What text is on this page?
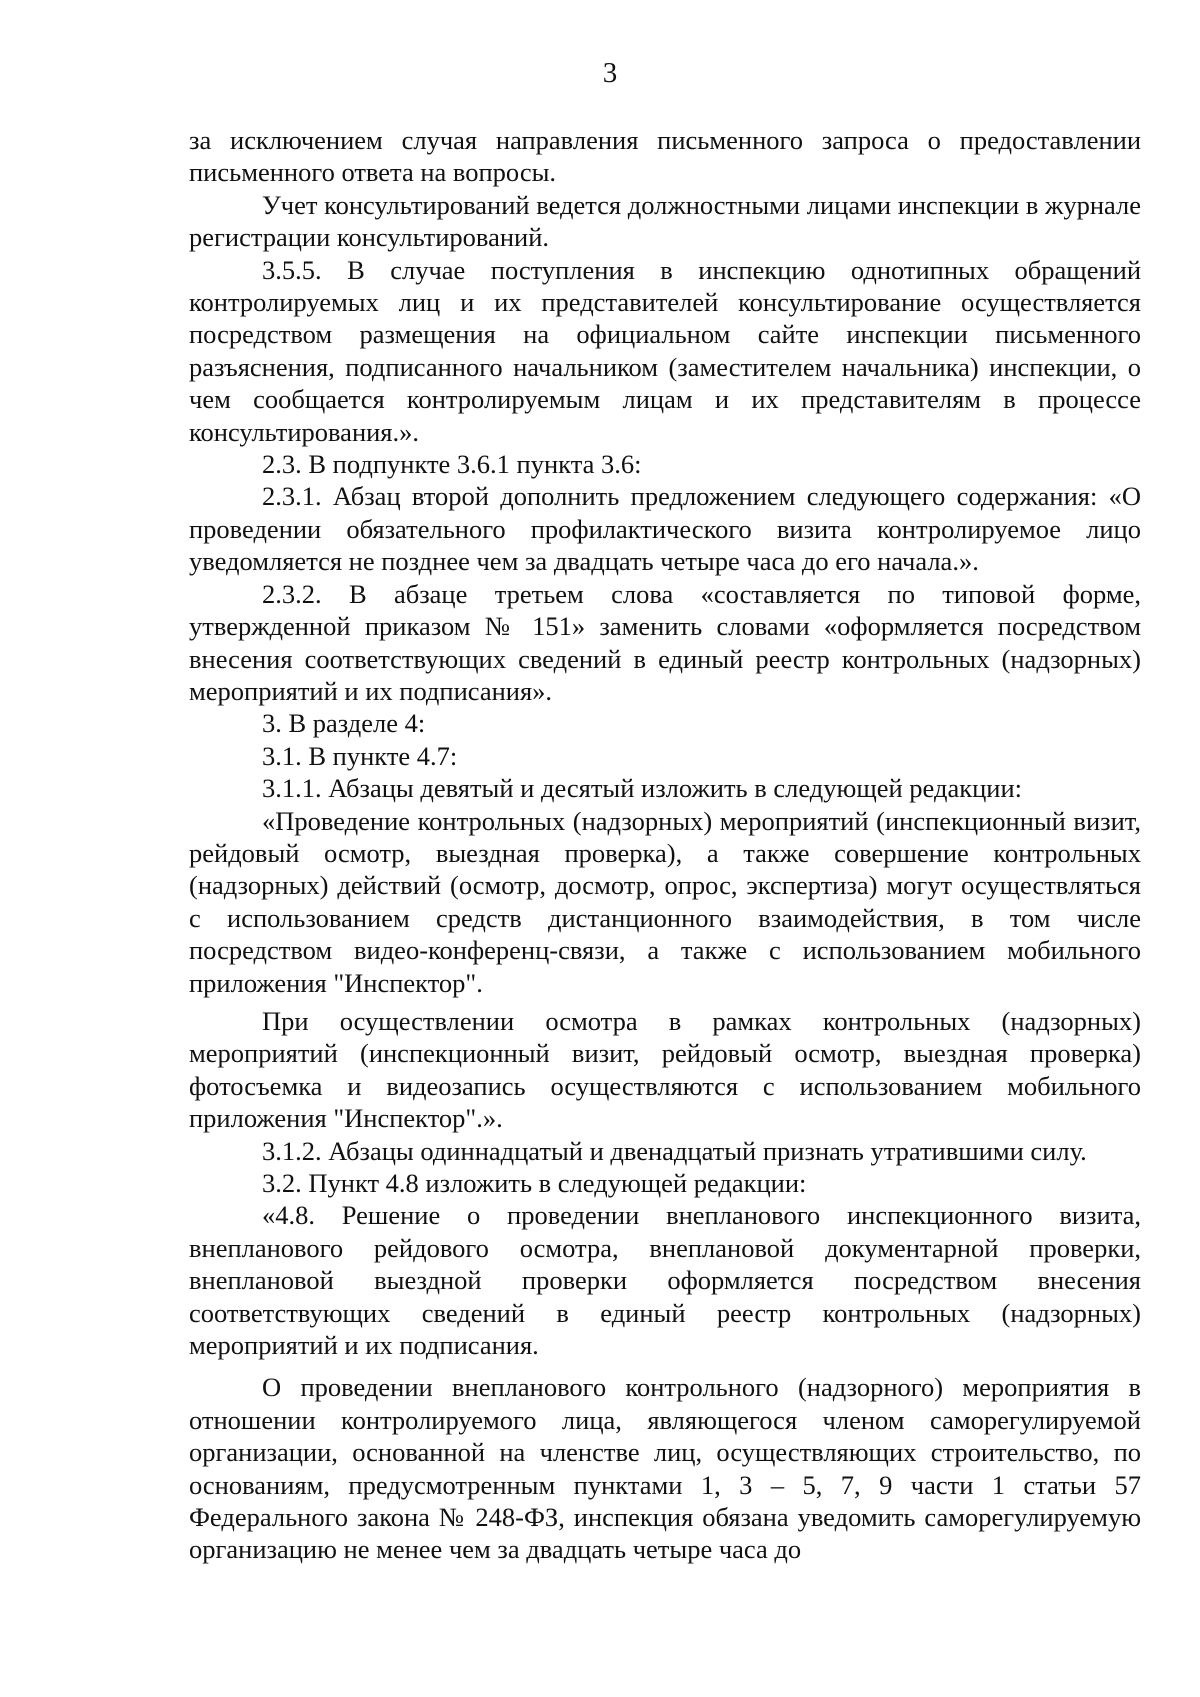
3

за исключением случая направления письменного запроса о предоставлении письменного ответа на вопросы.

Учет консультирований ведется должностными лицами инспекции в журнале регистрации консультирований.

3.5.5. В случае поступления в инспекцию однотипных обращений контролируемых лиц и их представителей консультирование осуществляется посредством размещения на официальном сайте инспекции письменного разъяснения, подписанного начальником (заместителем начальника) инспекции, о чем сообщается контролируемым лицам и их представителям в процессе консультирования.».

2.3. В подпункте 3.6.1 пункта 3.6:

2.3.1. Абзац второй дополнить предложением следующего содержания: «О проведении обязательного профилактического визита контролируемое лицо уведомляется не позднее чем за двадцать четыре часа до его начала.».

2.3.2. В абзаце третьем слова «составляется по типовой форме, утвержденной приказом № 151» заменить словами «оформляется посредством внесения соответствующих сведений в единый реестр контрольных (надзорных) мероприятий и их подписания».

3. В разделе 4:

3.1. В пункте 4.7:

3.1.1. Абзацы девятый и десятый изложить в следующей редакции:

«Проведение контрольных (надзорных) мероприятий (инспекционный визит, рейдовый осмотр, выездная проверка), а также совершение контрольных (надзорных) действий (осмотр, досмотр, опрос, экспертиза) могут осуществляться с использованием средств дистанционного взаимодействия, в том числе посредством видео-конференц-связи, а также с использованием мобильного приложения "Инспектор".

При осуществлении осмотра в рамках контрольных (надзорных) мероприятий (инспекционный визит, рейдовый осмотр, выездная проверка) фотосъемка и видеозапись осуществляются с использованием мобильного приложения "Инспектор".».

3.1.2. Абзацы одиннадцатый и двенадцатый признать утратившими силу.

3.2. Пункт 4.8 изложить в следующей редакции:

«4.8. Решение о проведении внепланового инспекционного визита, внепланового рейдового осмотра, внеплановой документарной проверки, внеплановой выездной проверки оформляется посредством внесения соответствующих сведений в единый реестр контрольных (надзорных) мероприятий и их подписания.

О проведении внепланового контрольного (надзорного) мероприятия в отношении контролируемого лица, являющегося членом саморегулируемой организации, основанной на членстве лиц, осуществляющих строительство, по основаниям, предусмотренным пунктами 1, 3 – 5, 7, 9 части 1 статьи 57 Федерального закона № 248-ФЗ, инспекция обязана уведомить саморегулируемую организацию не менее чем за двадцать четыре часа до
